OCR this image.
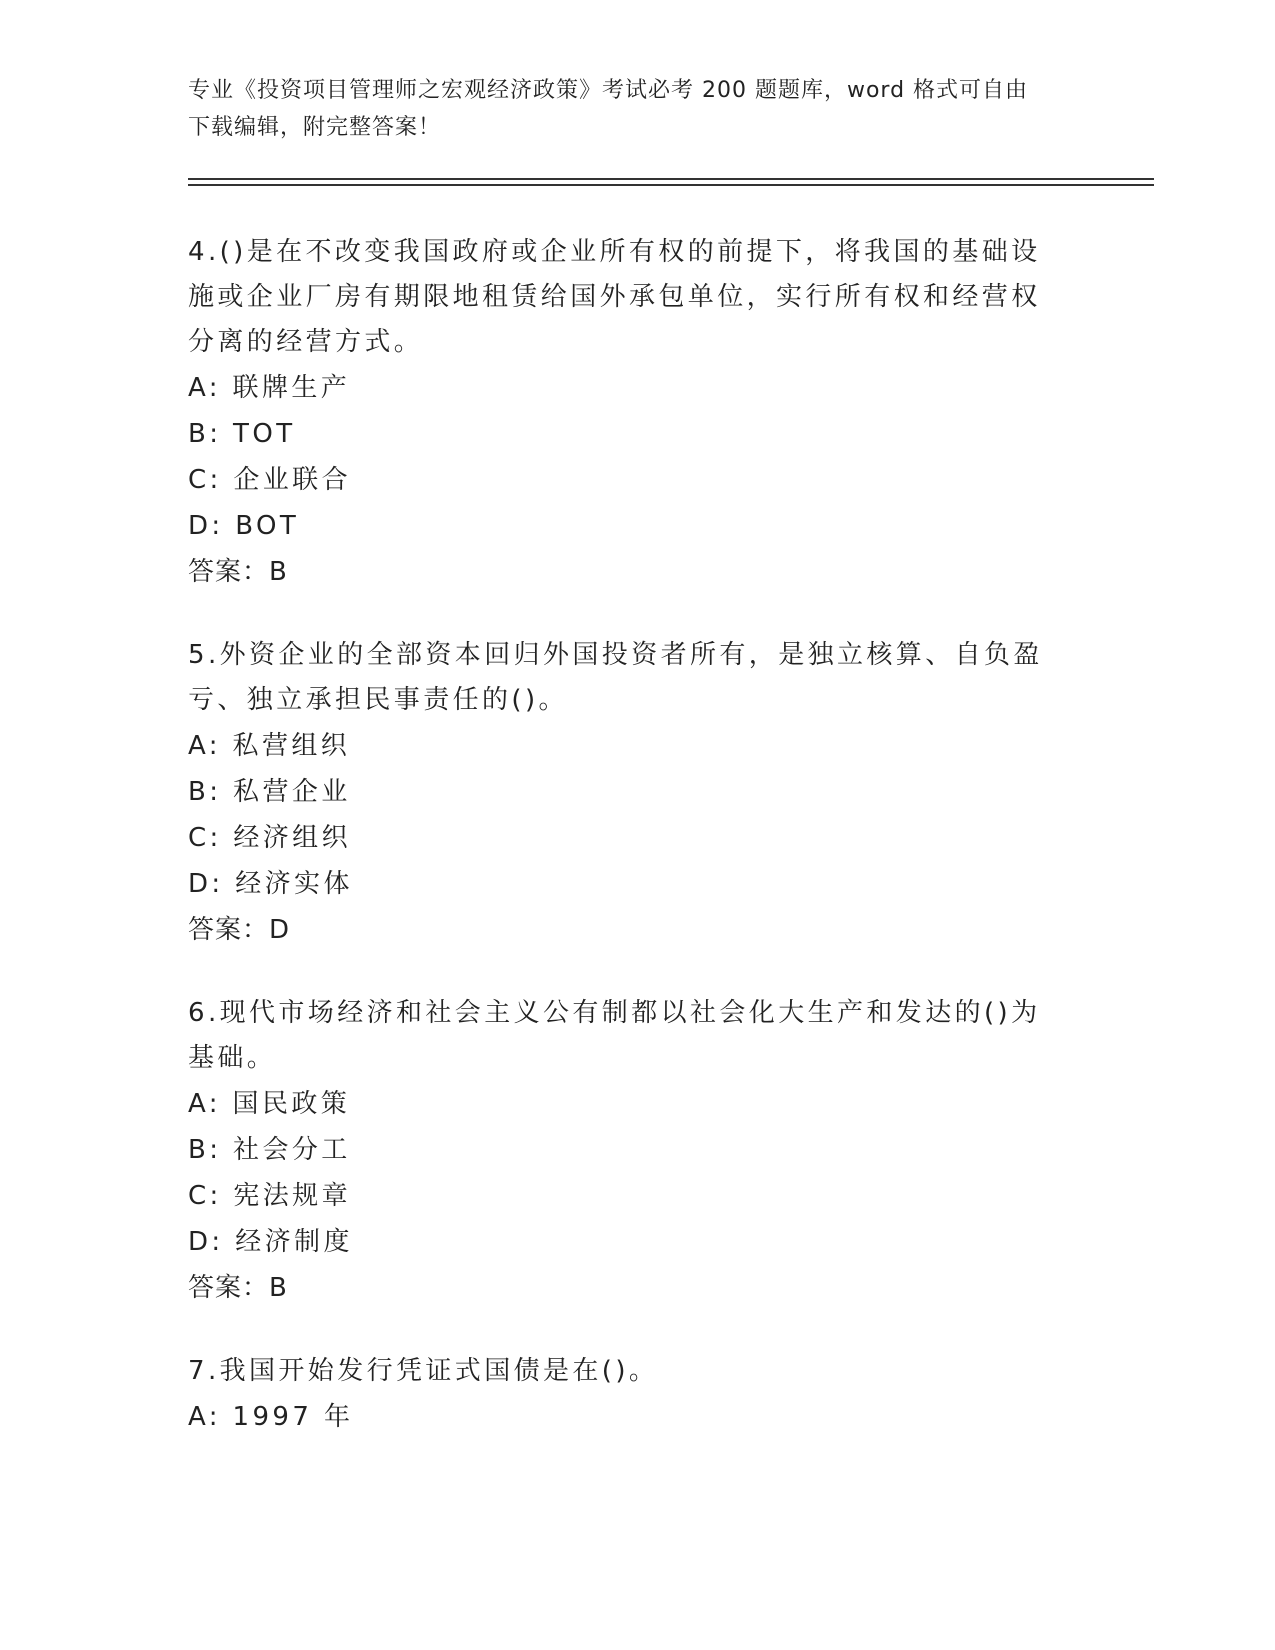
专业《投资项目管理师之宏观经济政策》考试必考 200 题题库，word 格式可自由
下载编辑，附完整答案！

4.()是在不改变我国政府或企业所有权的前提下，将我国的基础设施或企业厂房有期限地租赁给国外承包单位，实行所有权和经营权分离的经营方式。

A: 联牌生产

B: TOT

C: 企业联合

D: BOT

答案：B

5.外资企业的全部资本回归外国投资者所有，是独立核算、自负盈亏、独立承担民事责任的()。

A: 私营组织

B: 私营企业

C: 经济组织

D: 经济实体

答案：D

6.现代市场经济和社会主义公有制都以社会化大生产和发达的()为基础。

A: 国民政策

B: 社会分工

C: 宪法规章

D: 经济制度

答案：B

7.我国开始发行凭证式国债是在()。

A: 1997 年
